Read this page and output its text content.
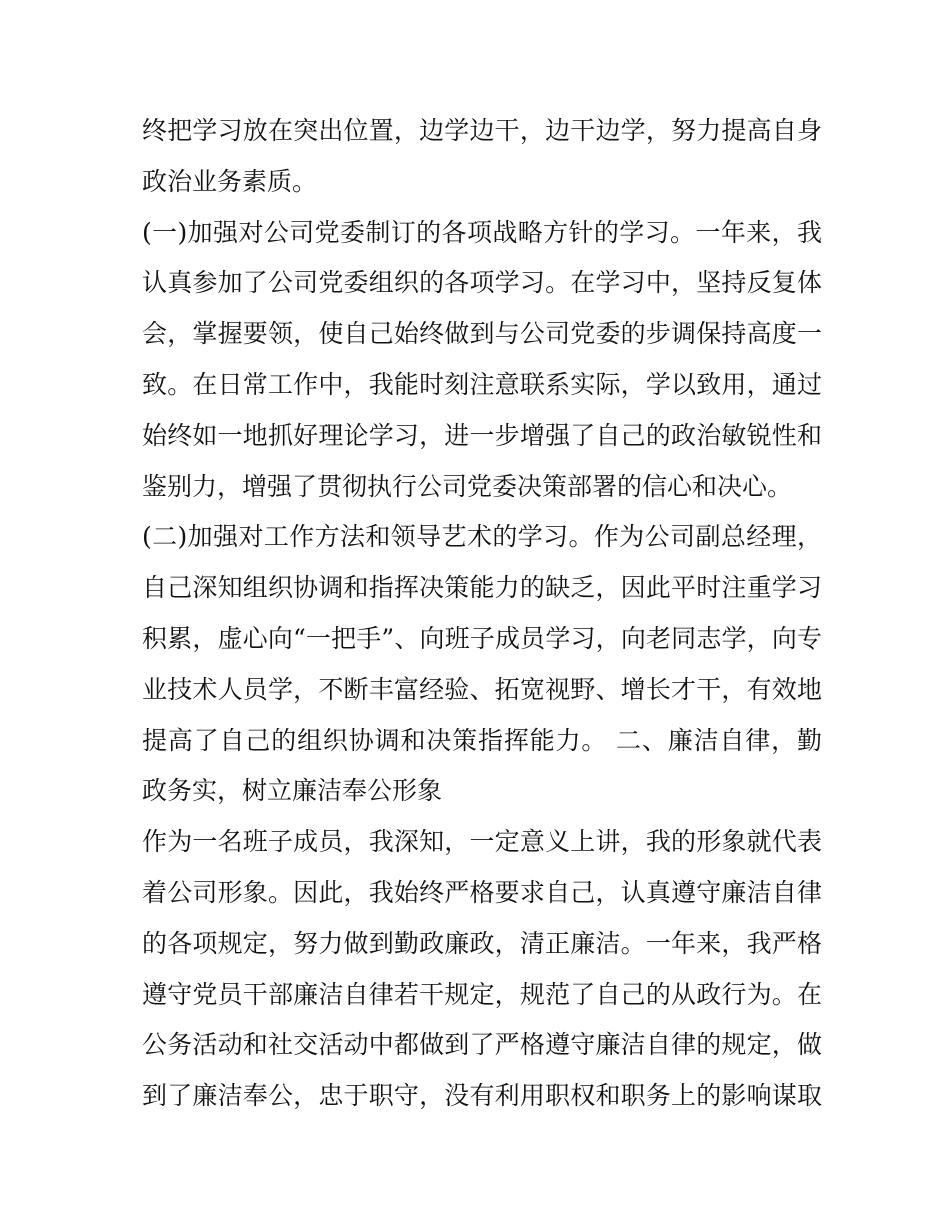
终把学习放在突出位置，边学边干，边干边学，努力提高自身
政治业务素质。
(一)加强对公司党委制订的各项战略方针的学习。一年来，我
认真参加了公司党委组织的各项学习。在学习中，坚持反复体
会，掌握要领，使自己始终做到与公司党委的步调保持高度一
致。在日常工作中，我能时刻注意联系实际，学以致用，通过
始终如一地抓好理论学习，进一步增强了自己的政治敏锐性和
鉴别力，增强了贯彻执行公司党委决策部署的信心和决心。
(二)加强对工作方法和领导艺术的学习。作为公司副总经理，
自己深知组织协调和指挥决策能力的缺乏，因此平时注重学习
积累，虚心向“一把手”、向班子成员学习，向老同志学，向专
业技术人员学，不断丰富经验、拓宽视野、增长才干，有效地
提高了自己的组织协调和决策指挥能力。 二、廉洁自律，勤
政务实，树立廉洁奉公形象
作为一名班子成员，我深知，一定意义上讲，我的形象就代表
着公司形象。因此，我始终严格要求自己，认真遵守廉洁自律
的各项规定，努力做到勤政廉政，清正廉洁。一年来，我严格
遵守党员干部廉洁自律若干规定，规范了自己的从政行为。在
公务活动和社交活动中都做到了严格遵守廉洁自律的规定，做
到了廉洁奉公，忠于职守，没有利用职权和职务上的影响谋取
